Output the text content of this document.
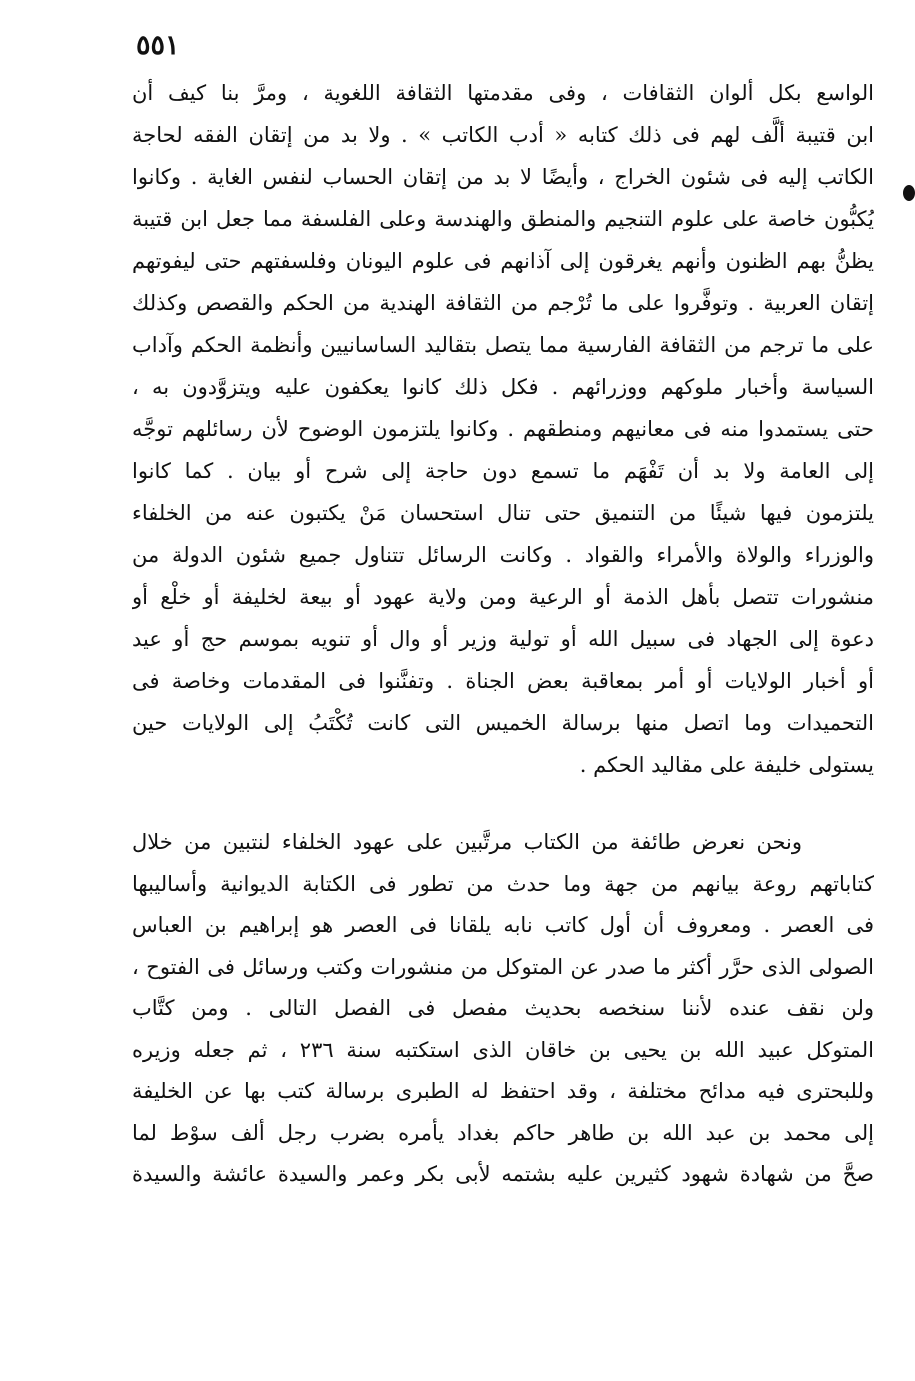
٥٥١
الواسع بكل ألوان الثقافات ، وفى مقدمتها الثقافة اللغوية ، ومرَّ بنا كيف أن
ابن قتيبة ألَّف لهم فى ذلك كتابه « أدب الكاتب » . ولا بد من إتقان الفقه لحاجة
الكاتب إليه فى شئون الخراج ، وأيضًا لا بد من إتقان الحساب لنفس الغاية . وكانوا
يُكبُّون خاصة على علوم التنجيم والمنطق والهندسة وعلى الفلسفة مما جعل ابن قتيبة
يظنُّ بهم الظنون وأنهم يغرقون إلى آذانهم فى علوم اليونان وفلسفتهم حتى ليفوتهم
إتقان العربية . وتوفَّروا على ما تُرْجم من الثقافة الهندية من الحكم والقصص وكذلك
على ما ترجم من الثقافة الفارسية مما يتصل بتقاليد الساسانيين وأنظمة الحكم وآداب
السياسة وأخبار ملوكهم ووزرائهم . فكل ذلك كانوا يعكفون عليه ويتزوَّدون به ،
حتى يستمدوا منه فى معانيهم ومنطقهم . وكانوا يلتزمون الوضوح لأن رسائلهم توجَّه
إلى العامة ولا بد أن تَفْهَم ما تسمع دون حاجة إلى شرح أو بيان . كما كانوا
يلتزمون فيها شيئًا من التنميق حتى تنال استحسان مَنْ يكتبون عنه من الخلفاء
والوزراء والولاة والأمراء والقواد . وكانت الرسائل تتناول جميع شئون الدولة من
منشورات تتصل بأهل الذمة أو الرعية ومن ولاية عهود أو بيعة لخليفة أو خلْع أو
دعوة إلى الجهاد فى سبيل الله أو تولية وزير أو وال أو تنويه بموسم حج أو عيد
أو أخبار الولايات أو أمر بمعاقبة بعض الجناة . وتفنَّنوا فى المقدمات وخاصة فى
التحميدات وما اتصل منها برسالة الخميس التى كانت تُكْتَبُ إلى الولايات حين
يستولى خليفة على مقاليد الحكم .
ونحن نعرض طائفة من الكتاب مرتَّبين على عهود الخلفاء لنتبين من خلال
كتاباتهم روعة بيانهم من جهة وما حدث من تطور فى الكتابة الديوانية وأساليبها
فى العصر . ومعروف أن أول كاتب نابه يلقانا فى العصر هو إبراهيم بن العباس
الصولى الذى حرَّر أكثر ما صدر عن المتوكل من منشورات وكتب ورسائل فى الفتوح ،
ولن نقف عنده لأننا سنخصه بحديث مفصل فى الفصل التالى . ومن كتَّاب
المتوكل عبيد الله بن يحيى بن خاقان الذى استكتبه سنة ٢٣٦ ، ثم جعله وزيره
وللبحترى فيه مدائح مختلفة ، وقد احتفظ له الطبرى برسالة كتب بها عن الخليفة
إلى محمد بن عبد الله بن طاهر حاكم بغداد يأمره بضرب رجل ألف سوْط لما
صحَّ من شهادة شهود كثيرين عليه بشتمه لأبى بكر وعمر والسيدة عائشة والسيدة
